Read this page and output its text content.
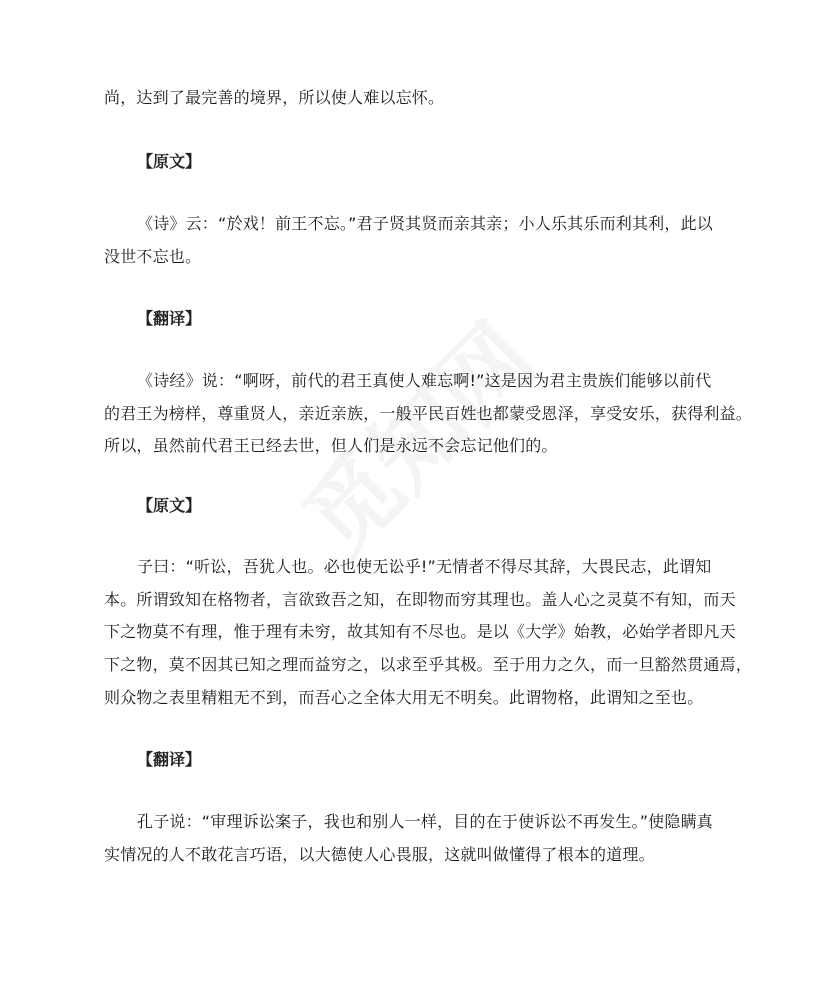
尚，达到了最完善的境界，所以使人难以忘怀。
【原文】
《诗》云：“於戏！前王不忘。”君子贤其贤而亲其亲；小人乐其乐而利其利，此以
没世不忘也。
【翻译】
《诗经》说：“啊呀，前代的君王真使人难忘啊!”这是因为君主贵族们能够以前代
的君王为榜样，尊重贤人，亲近亲族，一般平民百姓也都蒙受恩泽，享受安乐，获得利益。
所以，虽然前代君王已经去世，但人们是永远不会忘记他们的。
【原文】
子曰：“听讼，吾犹人也。必也使无讼乎!”无情者不得尽其辞，大畏民志，此谓知
本。所谓致知在格物者，言欲致吾之知，在即物而穷其理也。盖人心之灵莫不有知，而天
下之物莫不有理，惟于理有未穷，故其知有不尽也。是以《大学》始教，必始学者即凡天
下之物，莫不因其已知之理而益穷之，以求至乎其极。至于用力之久，而一旦豁然贯通焉，
则众物之表里精粗无不到，而吾心之全体大用无不明矣。此谓物格，此谓知之至也。
【翻译】
孔子说：“审理诉讼案子，我也和别人一样，目的在于使诉讼不再发生。”使隐瞒真
实情况的人不敢花言巧语，以大德使人心畏服，这就叫做懂得了根本的道理。
